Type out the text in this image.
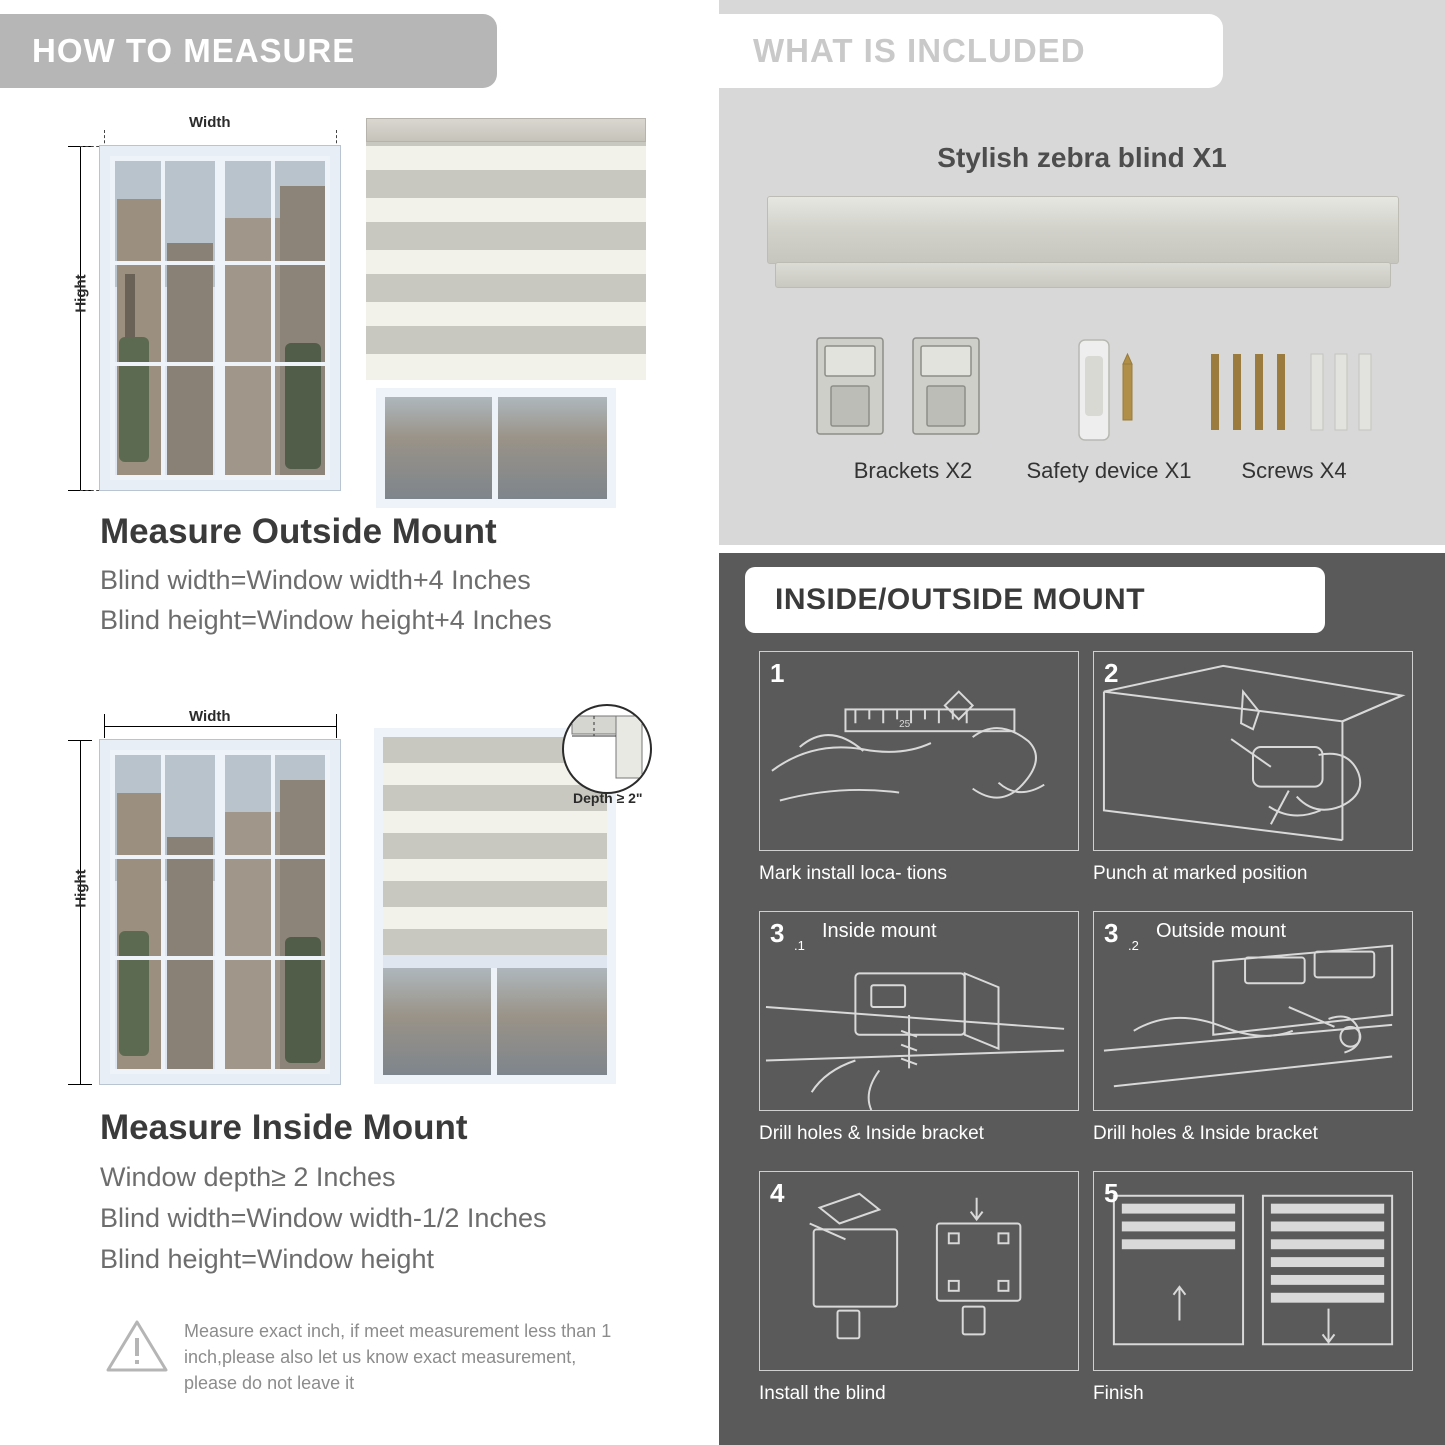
HOW TO MEASURE
Width
Hight
Measure Outside Mount
Blind width=Window width+4 Inches
Blind height=Window height+4 Inches
Width
Hight
Depth ≥ 2"
Measure Inside Mount
Window depth≥ 2 Inches
Blind width=Window width-1/2 Inches
Blind height=Window height
Measure exact inch, if meet measurement less than 1 inch,please also let us know exact measurement, please do not leave it
WHAT IS INCLUDED
Stylish zebra blind X1
Brackets X2	Safety device X1	Screws X4
INSIDE/OUTSIDE MOUNT
25
1
Mark install loca- tions
2
Punch at marked position
3 .1
Inside mount
Drill holes & Inside bracket
3 .2
Outside mount
Drill holes & Inside bracket
4
Install the blind
5
Finish
